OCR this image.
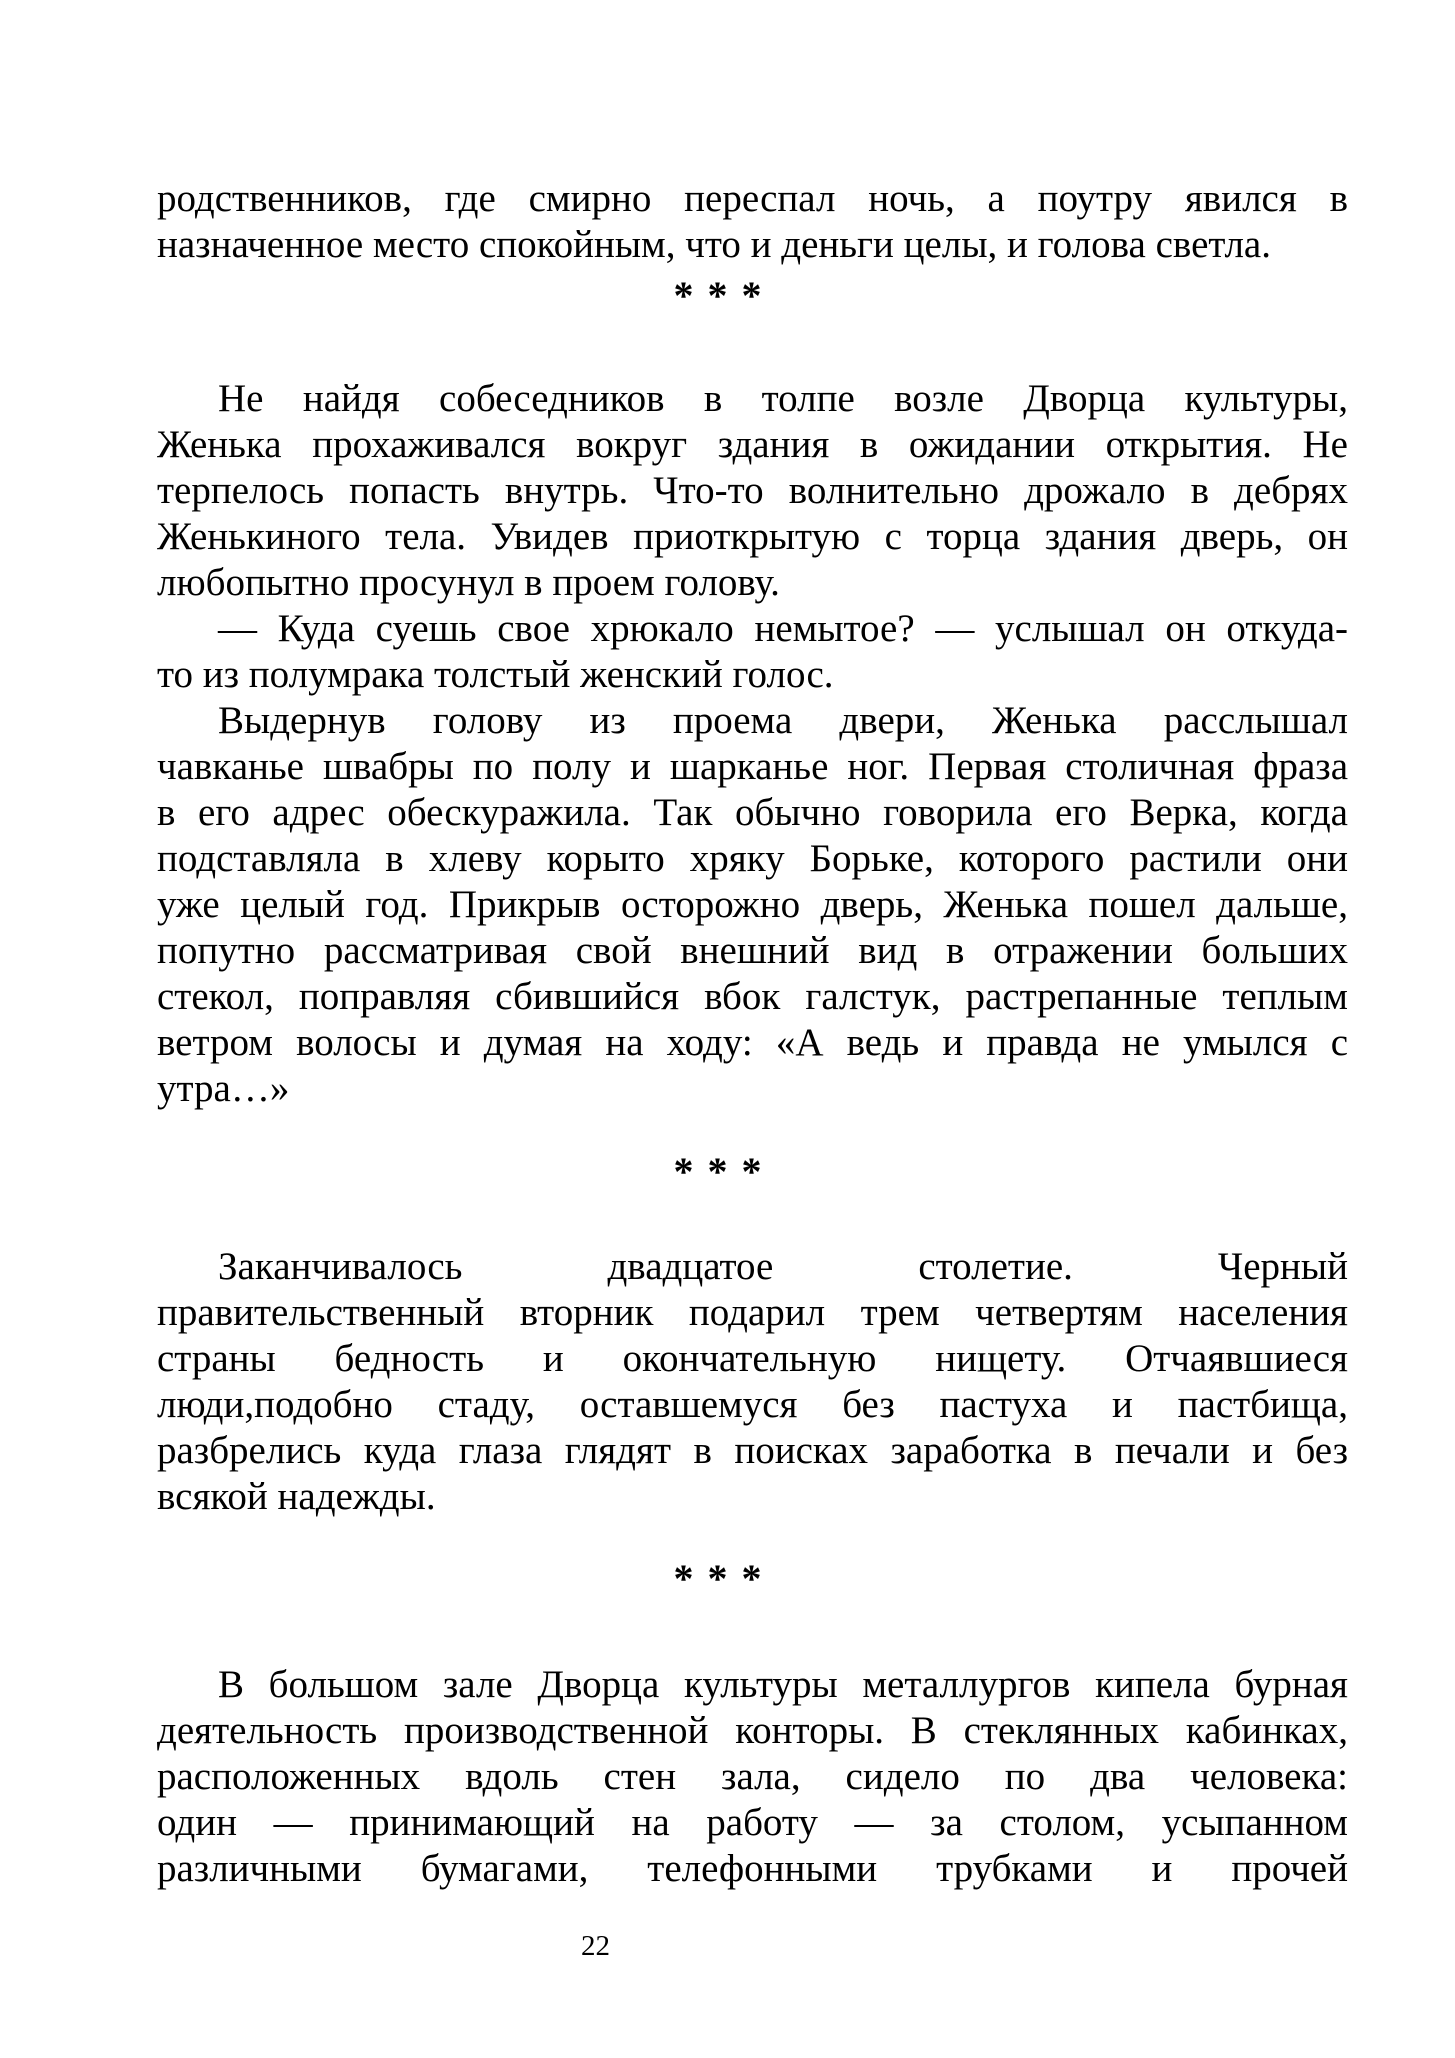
родственников, где смирно переспал ночь, а поутру явился в
назначенное место спокойным, что и деньги целы, и голова светла.

* * *

Не найдя собеседников в толпе возле Дворца культуры,
Женька прохаживался вокруг здания в ожидании открытия. Не
терпелось попасть внутрь. Что-то волнительно дрожало в дебрях
Женькиного тела. Увидев приоткрытую с торца здания дверь, он
любопытно просунул в проем голову.

— Куда суешь свое хрюкало немытое? — услышал он откуда-
то из полумрака толстый женский голос.

Выдернув голову из проема двери, Женька расслышал
чавканье швабры по полу и шарканье ног. Первая столичная фраза
в его адрес обескуражила. Так обычно говорила его Верка, когда
подставляла в хлеву корыто хряку Борьке, которого растили они
уже целый год. Прикрыв осторожно дверь, Женька пошел дальше,
попутно рассматривая свой внешний вид в отражении больших
стекол, поправляя сбившийся вбок галстук, растрепанные теплым
ветром волосы и думая на ходу: «А ведь и правда не умылся с
утра…»

* * *

Заканчивалось двадцатое столетие. Черный
правительственный вторник подарил трем четвертям населения
страны бедность и окончательную нищету. Отчаявшиеся
люди,подобно стаду, оставшемуся без пастуха и пастбища,
разбрелись куда глаза глядят в поисках заработка в печали и без
всякой надежды.

* * *

В большом зале Дворца культуры металлургов кипела бурная
деятельность производственной конторы. В стеклянных кабинках,
расположенных вдоль стен зала, сидело по два человека:
один — принимающий на работу — за столом, усыпанном
различными бумагами, телефонными трубками и прочей

22
